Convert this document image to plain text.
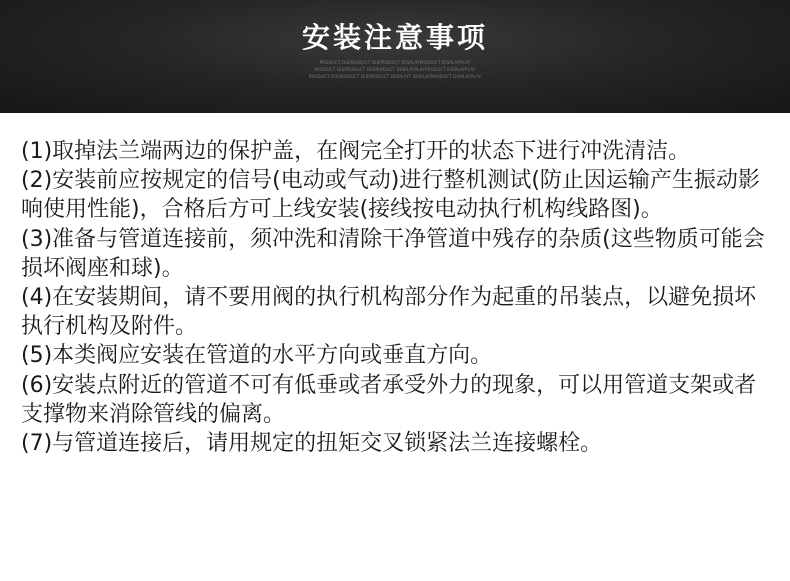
安装注意事项
PRODUCT DISPRODUCT DISPRODUCT DISPLAYPRODUCT DISPLAYPLAY
PRODUCT DISPRODUCT DISPRODUCT DISPLAYPLAYPRODUCT DISPLAYPLAY
PRODUCT DISPRODUCT DISPRODUCT DISPLAYT DISPLAYPRODUCT DISPLAYPLAY

(1)取掉法兰端两边的保护盖，在阀完全打开的状态下进行冲洗清洁。

(2)安装前应按规定的信号(电动或气动)进行整机测试(防止因运输产生振动影响使用性能)，合格后方可上线安装(接线按电动执行机构线路图)。

(3)准备与管道连接前，须冲洗和清除干净管道中残存的杂质(这些物质可能会损坏阀座和球)。

(4)在安装期间，请不要用阀的执行机构部分作为起重的吊装点，以避免损坏执行机构及附件。

(5)本类阀应安装在管道的水平方向或垂直方向。

(6)安装点附近的管道不可有低垂或者承受外力的现象，可以用管道支架或者支撑物来消除管线的偏离。

(7)与管道连接后，请用规定的扭矩交叉锁紧法兰连接螺栓。
